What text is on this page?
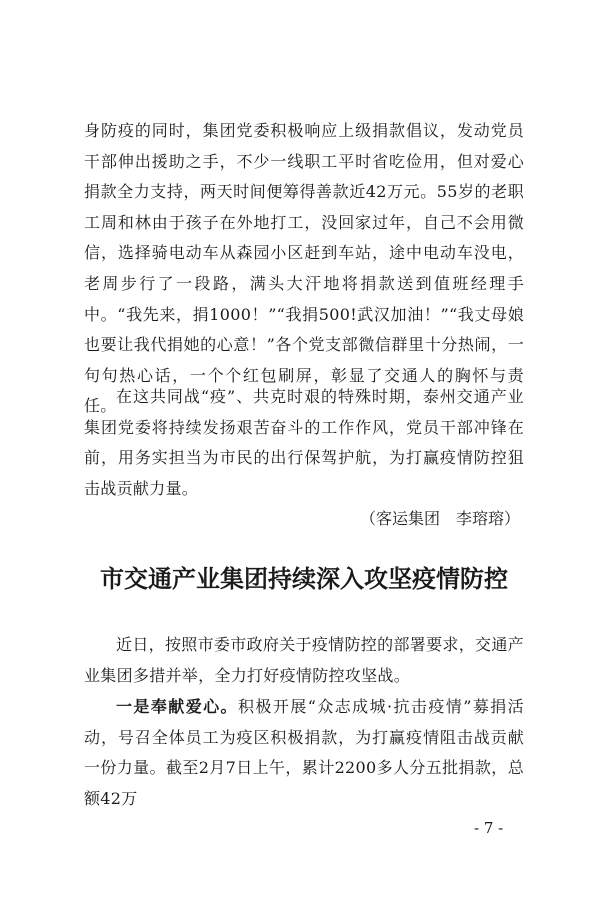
身防疫的同时，集团党委积极响应上级捐款倡议，发动党员干部伸出援助之手，不少一线职工平时省吃俭用，但对爱心捐款全力支持，两天时间便筹得善款近42万元。55岁的老职工周和林由于孩子在外地打工，没回家过年，自己不会用微信，选择骑电动车从森园小区赶到车站，途中电动车没电，老周步行了一段路，满头大汗地将捐款送到值班经理手中。“我先来，捐1000！”“我捐500!武汉加油！”“我丈母娘也要让我代捐她的心意！”各个党支部微信群里十分热闹，一句句热心话，一个个红包刷屏，彰显了交通人的胸怀与责任。 在这共同战“疫”、共克时艰的特殊时期，泰州交通产业集团党委将持续发扬艰苦奋斗的工作作风，党员干部冲锋在前，用务实担当为市民的出行保驾护航，为打赢疫情防控狙击战贡献力量。

（客运集团　李瑢瑢）

市交通产业集团持续深入攻坚疫情防控

近日，按照市委市政府关于疫情防控的部署要求，交通产业集团多措并举，全力打好疫情防控攻坚战。

一是奉献爱心。积极开展“众志成城·抗击疫情”募捐活动，号召全体员工为疫区积极捐款，为打赢疫情阻击战贡献一份力量。截至2月7日上午，累计2200多人分五批捐款，总额42万

- 7 -
